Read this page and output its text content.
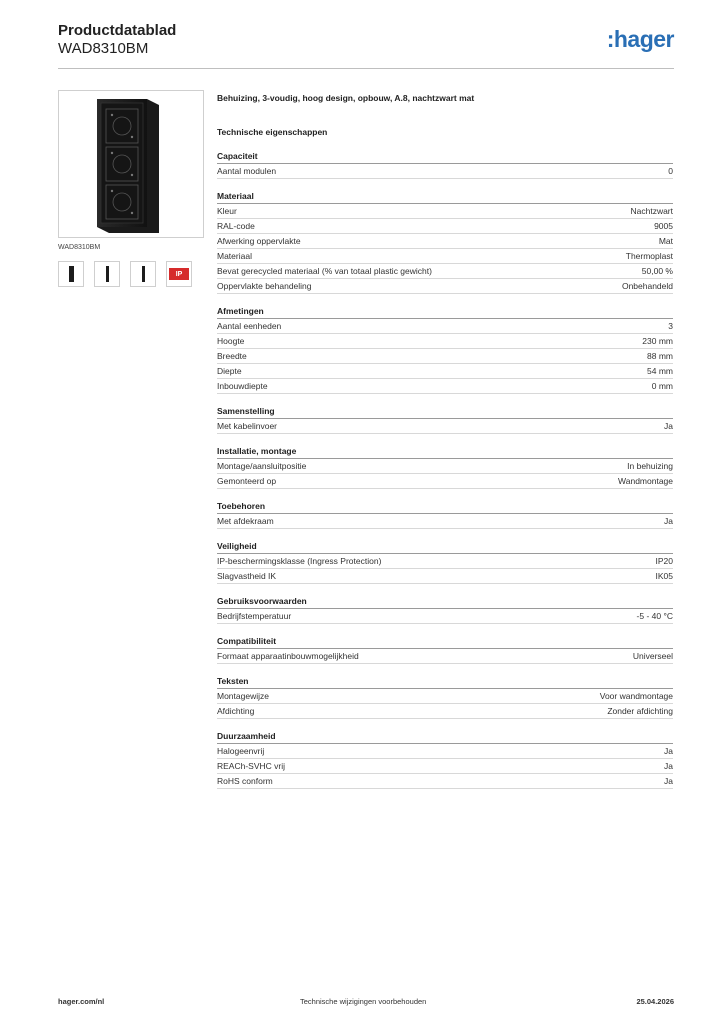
Productdatablad
WAD8310BM	:hager
WAD8310BM
IP
Behuizing, 3-voudig, hoog design, opbouw, A.8, nachtzwart mat
Technische eigenschappen
Capaciteit
Aantal modulen	0
Materiaal
Kleur	Nachtzwart
RAL-code	9005
Afwerking oppervlakte	Mat
Materiaal	Thermoplast
Bevat gerecycled materiaal (% van totaal plastic gewicht)	50,00 %
Oppervlakte behandeling	Onbehandeld
Afmetingen
Aantal eenheden	3
Hoogte	230 mm
Breedte	88 mm
Diepte	54 mm
Inbouwdiepte	0 mm
Samenstelling
Met kabelinvoer	Ja
Installatie, montage
Montage/aansluitpositie	In behuizing
Gemonteerd op	Wandmontage
Toebehoren
Met afdekraam	Ja
Veiligheid
IP-beschermingsklasse (Ingress Protection)	IP20
Slagvastheid IK	IK05
Gebruiksvoorwaarden
Bedrijfstemperatuur	-5 - 40 °C
Compatibiliteit
Formaat apparaatinbouwmogelijkheid	Universeel
Teksten
Montagewijze	Voor wandmontage
Afdichting	Zonder afdichting
Duurzaamheid
Halogeenvrij	Ja
REACh-SVHC vrij	Ja
RoHS conform	Ja
hager.com/nl	Technische wijzigingen voorbehouden	25.04.2026
